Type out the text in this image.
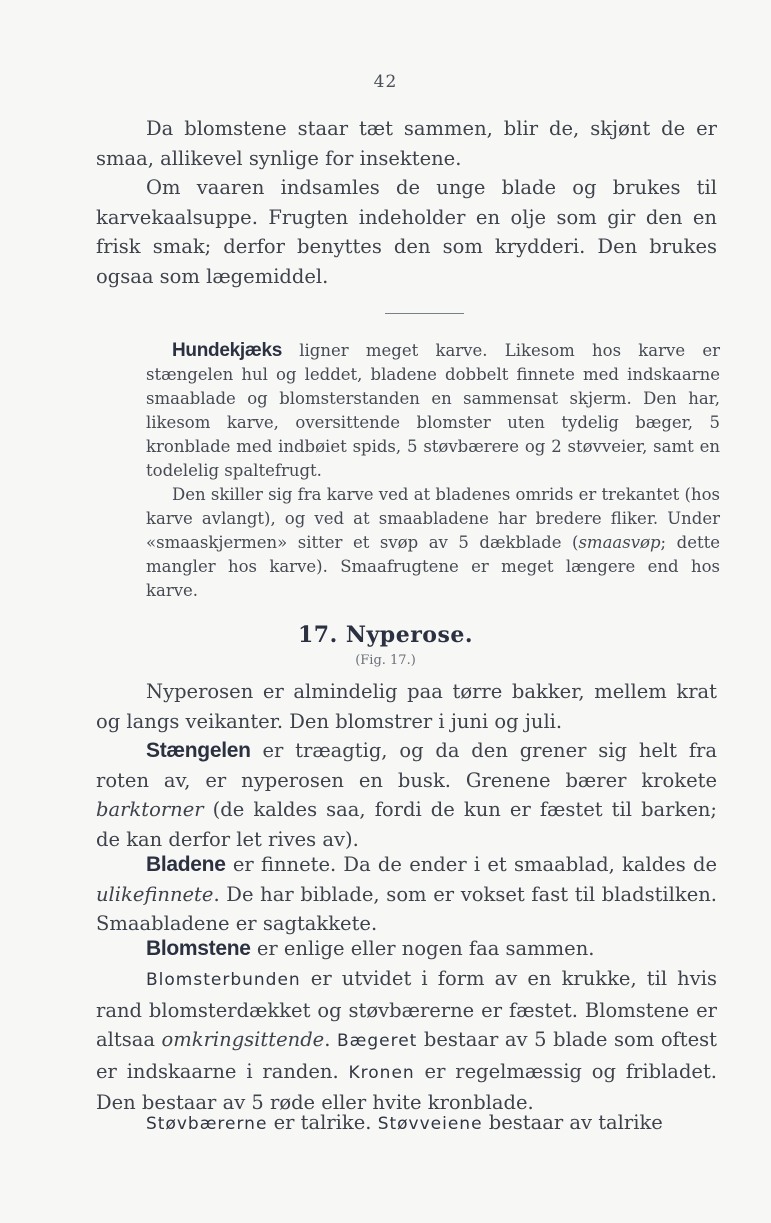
42
Da blomstene staar tæt sammen, blir de, skjønt de er smaa, allikevel synlige for insektene.
Om vaaren indsamles de unge blade og brukes til karvekaalsuppe. Frugten indeholder en olje som gir den en frisk smak; derfor benyttes den som krydderi. Den brukes ogsaa som lægemiddel.
Hundekjæks ligner meget karve. Likesom hos karve er stængelen hul og leddet, bladene dobbelt finnete med indskaarne smaablade og blomsterstanden en sammensat skjerm. Den har, likesom karve, oversittende blomster uten tydelig bæger, 5 kronblade med indbøiet spids, 5 støvbærere og 2 støvveier, samt en todelelig spaltefrugt.
Den skiller sig fra karve ved at bladenes omrids er trekantet (hos karve avlangt), og ved at smaabladene har bredere fliker. Under «smaaskjermen» sitter et svøp av 5 dækblade (smaasvøp; dette mangler hos karve). Smaafrugtene er meget længere end hos karve.
17. Nyperose.
(Fig. 17.)
Nyperosen er almindelig paa tørre bakker, mellem krat og langs veikanter. Den blomstrer i juni og juli.
Stængelen er træagtig, og da den grener sig helt fra roten av, er nyperosen en busk. Grenene bærer krokete barktorner (de kaldes saa, fordi de kun er fæstet til barken; de kan derfor let rives av).
Bladene er finnete. Da de ender i et smaablad, kaldes de ulikefinnete. De har biblade, som er vokset fast til bladstilken. Smaabladene er sagtakkete.
Blomstene er enlige eller nogen faa sammen.
Blomsterbunden er utvidet i form av en krukke, til hvis rand blomsterdækket og støvbærerne er fæstet. Blomstene er altsaa omkringsittende. Bægeret bestaar av 5 blade som oftest er indskaarne i randen. Kronen er regelmæssig og fribladet. Den bestaar av 5 røde eller hvite kronblade.
Støvbærerne er talrike. Støvveiene bestaar av talrike
